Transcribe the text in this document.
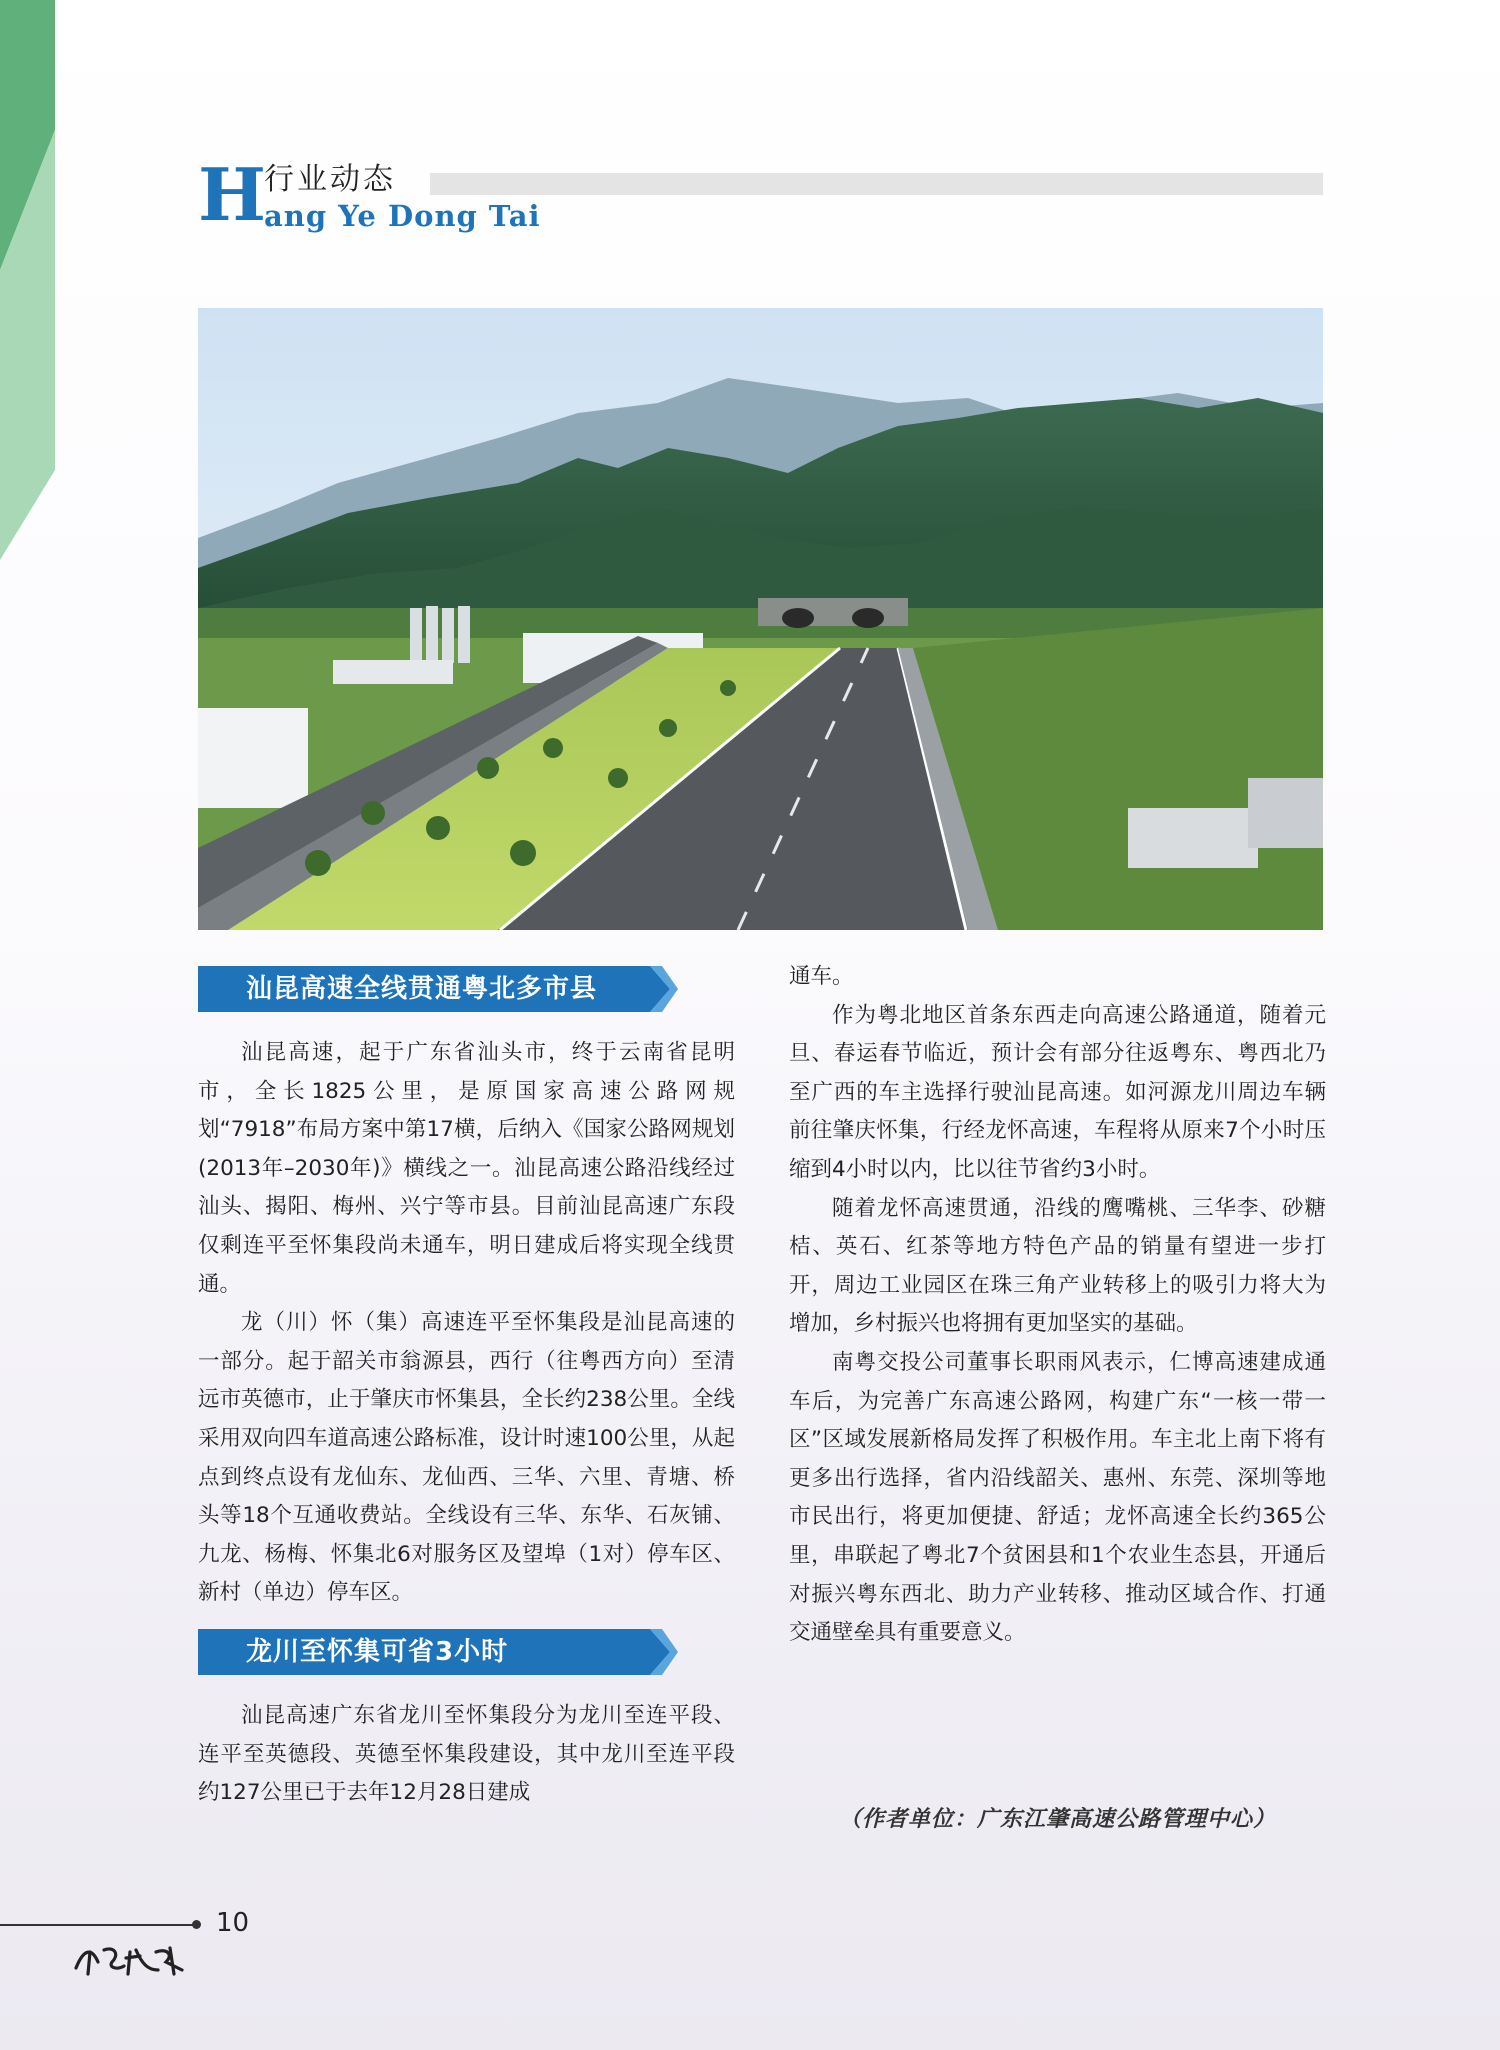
H
行业动态
ang Ye Dong Tai
汕昆高速全线贯通粤北多市县

汕昆高速，起于广东省汕头市，终于云南省昆明市，全长1825公里，是原国家高速公路网规划“7918”布局方案中第17横，后纳入《国家公路网规划(2013年–2030年)》横线之一。汕昆高速公路沿线经过汕头、揭阳、梅州、兴宁等市县。目前汕昆高速广东段仅剩连平至怀集段尚未通车，明日建成后将实现全线贯通。

龙（川）怀（集）高速连平至怀集段是汕昆高速的一部分。起于韶关市翁源县，西行（往粤西方向）至清远市英德市，止于肇庆市怀集县，全长约238公里。全线采用双向四车道高速公路标准，设计时速100公里，从起点到终点设有龙仙东、龙仙西、三华、六里、青塘、桥头等18个互通收费站。全线设有三华、东华、石灰铺、九龙、杨梅、怀集北6对服务区及望埠（1对）停车区、新村（单边）停车区。

龙川至怀集可省3小时

汕昆高速广东省龙川至怀集段分为龙川至连平段、连平至英德段、英德至怀集段建设，其中龙川至连平段约127公里已于去年12月28日建成

通车。

作为粤北地区首条东西走向高速公路通道，随着元旦、春运春节临近，预计会有部分往返粤东、粤西北乃至广西的车主选择行驶汕昆高速。如河源龙川周边车辆前往肇庆怀集，行经龙怀高速，车程将从原来7个小时压缩到4小时以内，比以往节省约3小时。

随着龙怀高速贯通，沿线的鹰嘴桃、三华李、砂糖桔、英石、红茶等地方特色产品的销量有望进一步打开，周边工业园区在珠三角产业转移上的吸引力将大为增加，乡村振兴也将拥有更加坚实的基础。

南粤交投公司董事长职雨风表示，仁博高速建成通车后，为完善广东高速公路网，构建广东“一核一带一区”区域发展新格局发挥了积极作用。车主北上南下将有更多出行选择，省内沿线韶关、惠州、东莞、深圳等地市民出行，将更加便捷、舒适；龙怀高速全长约365公里，串联起了粤北7个贫困县和1个农业生态县，开通后对振兴粤东西北、助力产业转移、推动区域合作、打通交通壁垒具有重要意义。

（作者单位：广东江肇高速公路管理中心）
10
